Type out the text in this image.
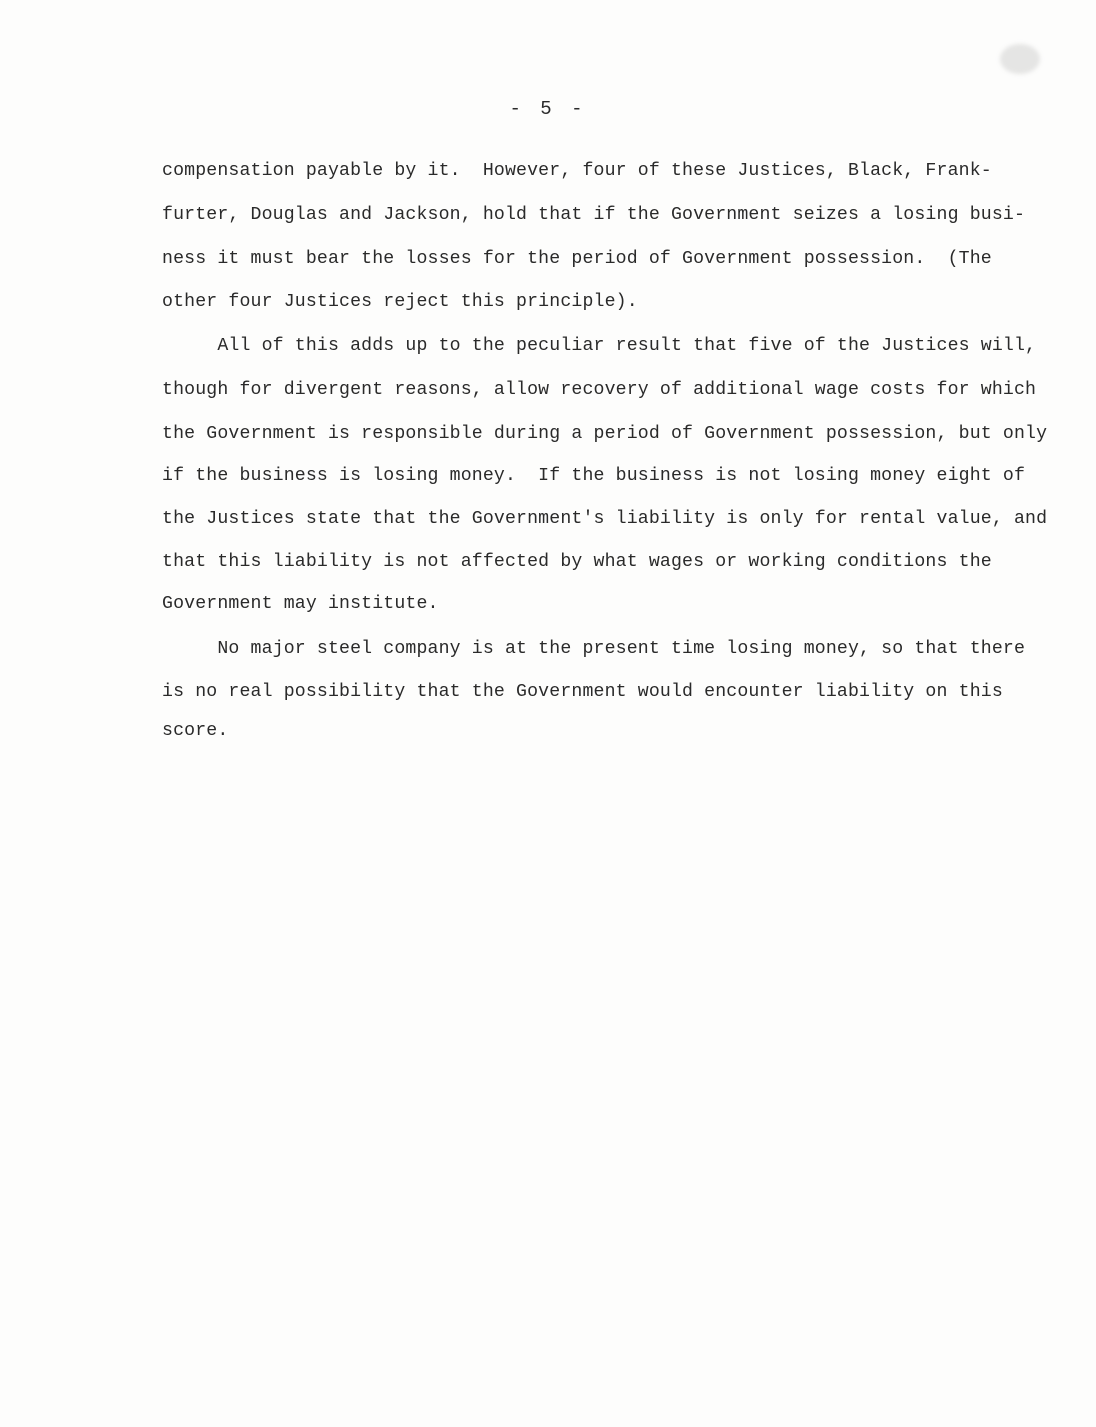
- 5 -
compensation payable by it.  However, four of these Justices, Black, Frank-
furter, Douglas and Jackson, hold that if the Government seizes a losing busi-
ness it must bear the losses for the period of Government possession.  (The
other four Justices reject this principle).
All of this adds up to the peculiar result that five of the Justices will,
though for divergent reasons, allow recovery of additional wage costs for which
the Government is responsible during a period of Government possession, but only
if the business is losing money.  If the business is not losing money eight of
the Justices state that the Government's liability is only for rental value, and
that this liability is not affected by what wages or working conditions the
Government may institute.
No major steel company is at the present time losing money, so that there
is no real possibility that the Government would encounter liability on this
score.
